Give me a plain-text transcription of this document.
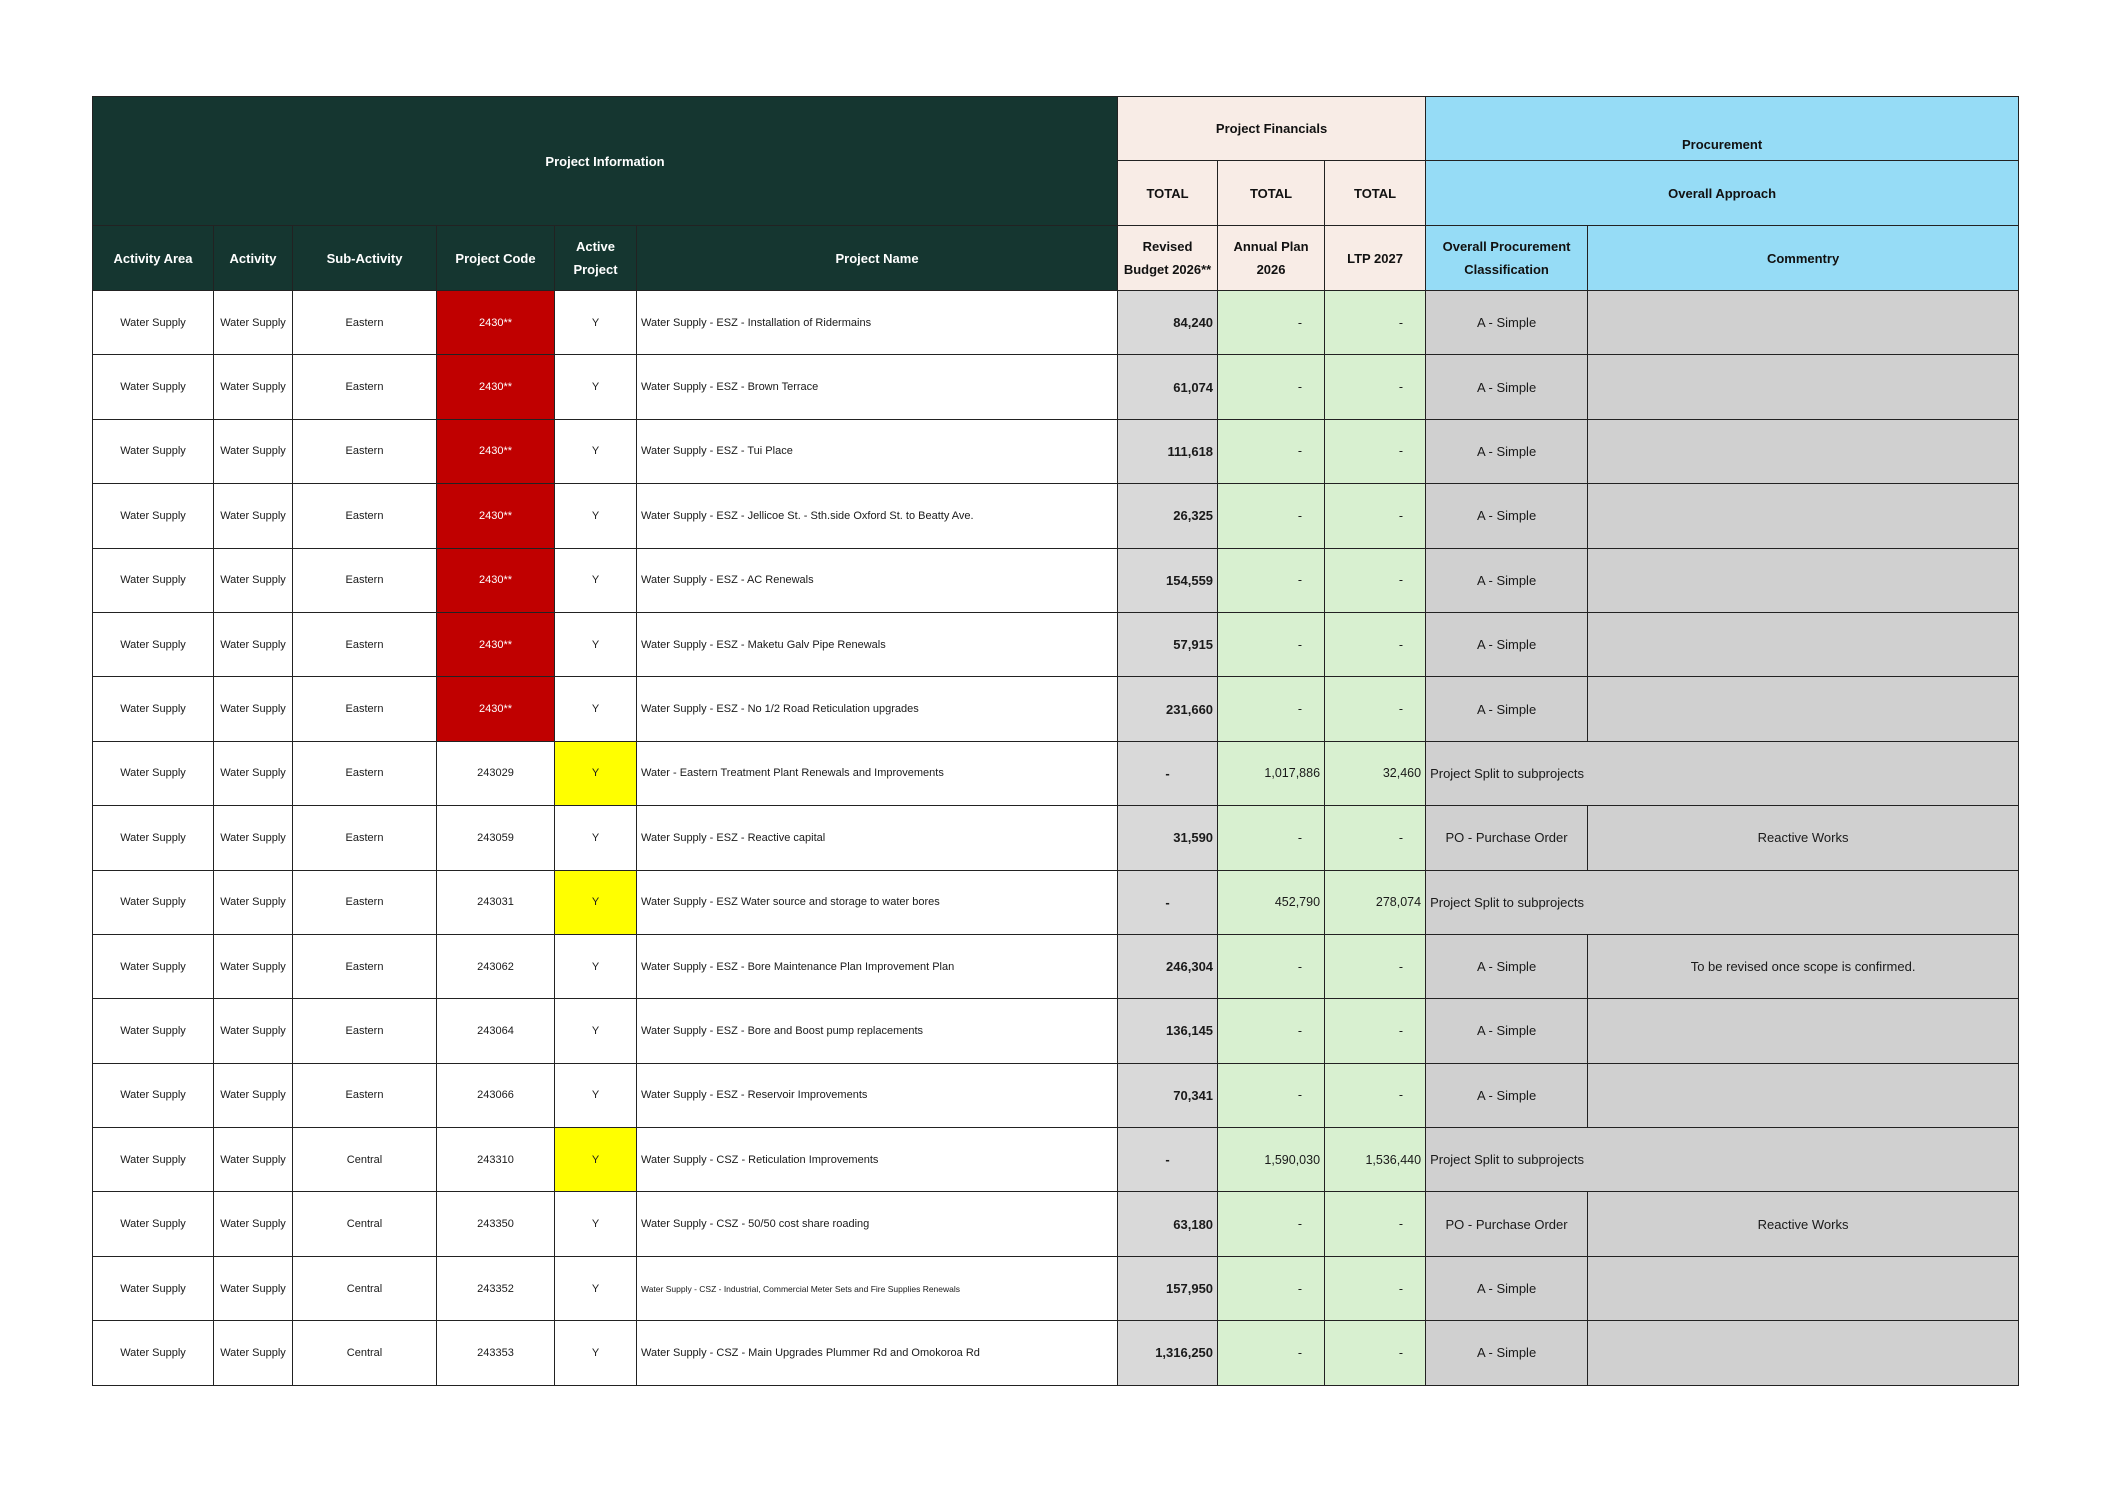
Project Information						Project Financials			Procurement	
						TOTAL	TOTAL	TOTAL	Overall Approach	
Activity Area	Activity	Sub-Activity	Project Code	Active Project	Project Name	Revised Budget 2026**	Annual Plan 2026	LTP 2027	Overall Procurement Classification	Commentry
Water Supply	Water Supply	Eastern	2430**	Y	Water Supply - ESZ - Installation of Ridermains	84,240	-	-	A - Simple	
Water Supply	Water Supply	Eastern	2430**	Y	Water Supply - ESZ - Brown Terrace	61,074	-	-	A - Simple	
Water Supply	Water Supply	Eastern	2430**	Y	Water Supply - ESZ - Tui Place	111,618	-	-	A - Simple	
Water Supply	Water Supply	Eastern	2430**	Y	Water Supply - ESZ - Jellicoe St. - Sth.side Oxford St. to Beatty Ave.	26,325	-	-	A - Simple	
Water Supply	Water Supply	Eastern	2430**	Y	Water Supply - ESZ - AC Renewals	154,559	-	-	A - Simple	
Water Supply	Water Supply	Eastern	2430**	Y	Water Supply - ESZ - Maketu Galv Pipe Renewals	57,915	-	-	A - Simple	
Water Supply	Water Supply	Eastern	2430**	Y	Water Supply - ESZ - No 1/2 Road Reticulation upgrades	231,660	-	-	A - Simple	
Water Supply	Water Supply	Eastern	243029	Y	Water - Eastern Treatment Plant Renewals and Improvements	-	1,017,886	32,460	Project Split to subprojects	
Water Supply	Water Supply	Eastern	243059	Y	Water Supply - ESZ - Reactive capital	31,590	-	-	PO - Purchase Order	Reactive Works
Water Supply	Water Supply	Eastern	243031	Y	Water Supply - ESZ Water source and storage to water bores	-	452,790	278,074	Project Split to subprojects	
Water Supply	Water Supply	Eastern	243062	Y	Water Supply - ESZ - Bore Maintenance Plan Improvement Plan	246,304	-	-	A - Simple	To be revised once scope is confirmed.
Water Supply	Water Supply	Eastern	243064	Y	Water Supply - ESZ - Bore and Boost pump replacements	136,145	-	-	A - Simple	
Water Supply	Water Supply	Eastern	243066	Y	Water Supply - ESZ - Reservoir Improvements	70,341	-	-	A - Simple	
Water Supply	Water Supply	Central	243310	Y	Water Supply - CSZ - Reticulation Improvements	-	1,590,030	1,536,440	Project Split to subprojects	
Water Supply	Water Supply	Central	243350	Y	Water Supply - CSZ - 50/50 cost share roading	63,180	-	-	PO - Purchase Order	Reactive Works
Water Supply	Water Supply	Central	243352	Y	Water Supply - CSZ - Industrial, Commercial Meter Sets and Fire Supplies Renewals	157,950	-	-	A - Simple	
Water Supply	Water Supply	Central	243353	Y	Water Supply - CSZ - Main Upgrades Plummer Rd and Omokoroa Rd	1,316,250	-	-	A - Simple	
